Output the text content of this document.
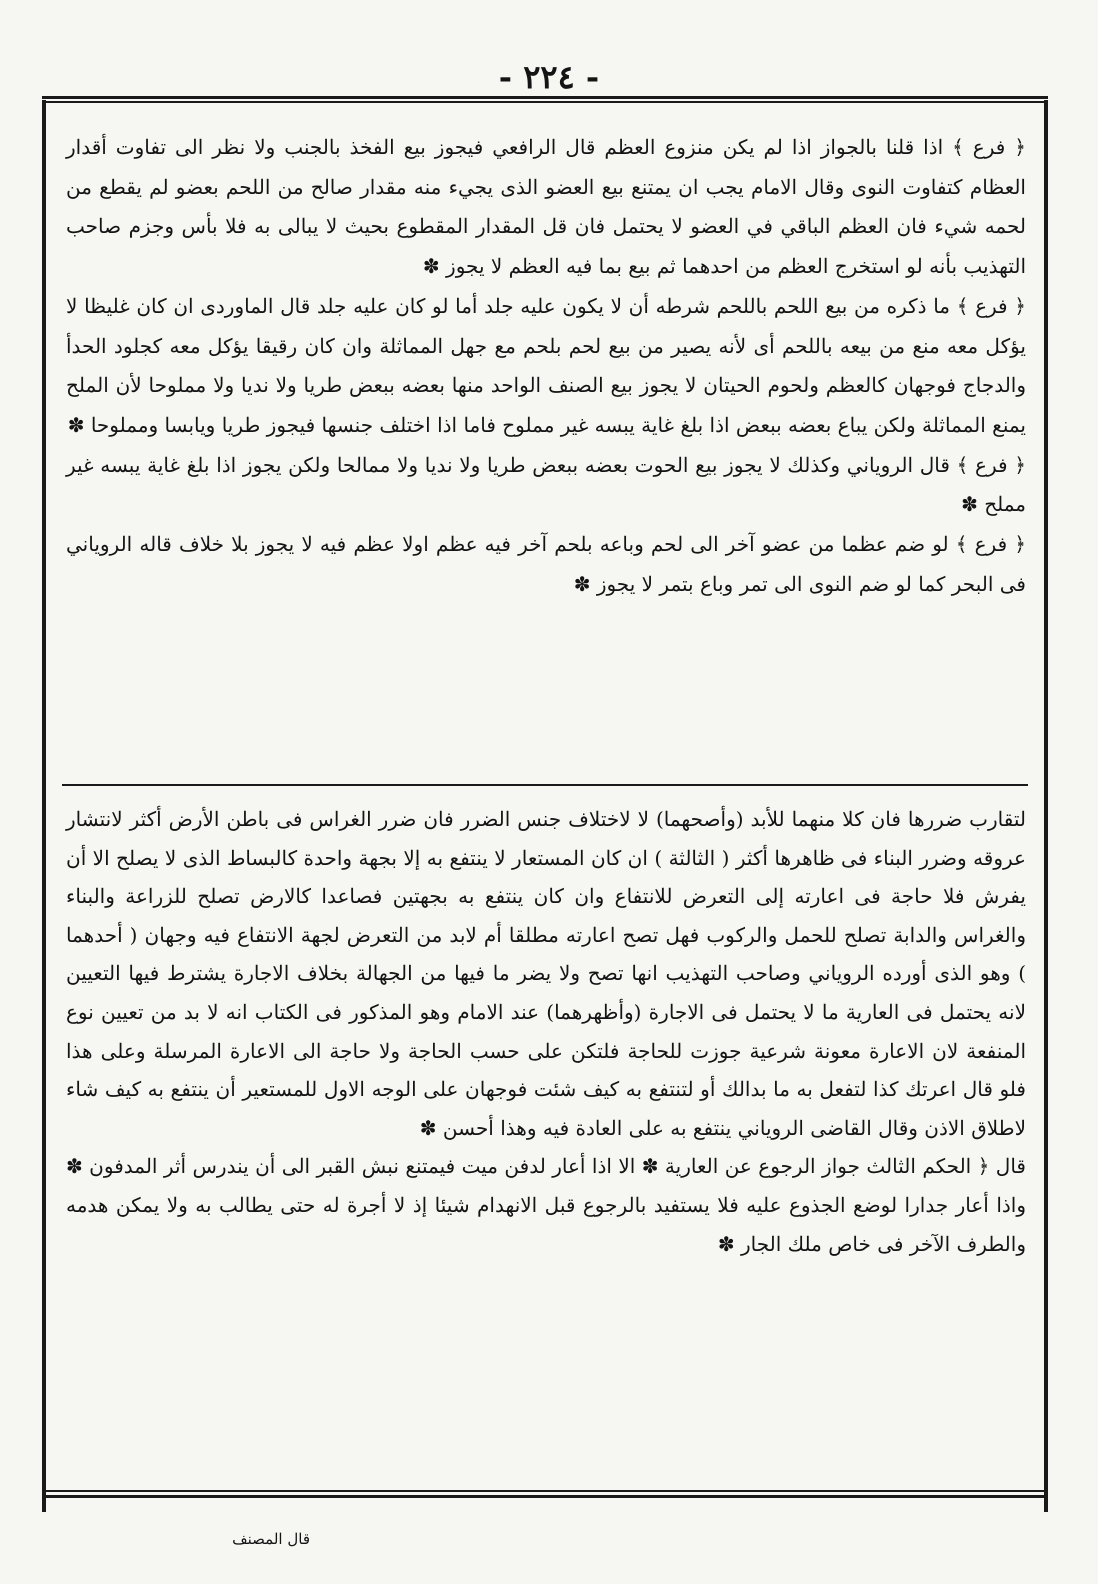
- ٢٢٤ -

﴿ فرع ﴾ اذا قلنا بالجواز اذا لم يكن منزوع العظم قال الرافعي فيجوز بيع الفخذ بالجنب ولا نظر الى تفاوت أقدار العظام كتفاوت النوى وقال الامام يجب ان يمتنع بيع العضو الذى يجيء منه مقدار صالح من اللحم بعضو لم يقطع من لحمه شيء فان العظم الباقي في العضو لا يحتمل فان قل المقدار المقطوع بحيث لا يبالى به فلا بأس وجزم صاحب التهذيب بأنه لو استخرج العظم من احدهما ثم بيع بما فيه العظم لا يجوز ✽

﴿ فرع ﴾ ما ذكره من بيع اللحم باللحم شرطه أن لا يكون عليه جلد أما لو كان عليه جلد قال الماوردى ان كان غليظا لا يؤكل معه منع من بيعه باللحم أى لأنه يصير من بيع لحم بلحم مع جهل المماثلة وان كان رقيقا يؤكل معه كجلود الحدأ والدجاج فوجهان كالعظم ولحوم الحيتان لا يجوز بيع الصنف الواحد منها بعضه ببعض طريا ولا نديا ولا مملوحا لأن الملح يمنع المماثلة ولكن يباع بعضه ببعض اذا بلغ غاية يبسه غير مملوح فاما اذا اختلف جنسها فيجوز طريا ويابسا ومملوحا ✽

﴿ فرع ﴾ قال الروياني وكذلك لا يجوز بيع الحوت بعضه ببعض طريا ولا نديا ولا ممالحا ولكن يجوز اذا بلغ غاية يبسه غير مملح ✽

﴿ فرع ﴾ لو ضم عظما من عضو آخر الى لحم وباعه بلحم آخر فيه عظم اولا عظم فيه لا يجوز بلا خلاف قاله الروياني فى البحر كما لو ضم النوى الى تمر وباع بتمر لا يجوز ✽

لتقارب ضررها فان كلا منهما للأبد (وأصحهما) لا لاختلاف جنس الضرر فان ضرر الغراس فى باطن الأرض أكثر لانتشار عروقه وضرر البناء فى ظاهرها أكثر ( الثالثة ) ان كان المستعار لا ينتفع به إلا بجهة واحدة كالبساط الذى لا يصلح الا أن يفرش فلا حاجة فى اعارته إلى التعرض للانتفاع وان كان ينتفع به بجهتين فصاعدا كالارض تصلح للزراعة والبناء والغراس والدابة تصلح للحمل والركوب فهل تصح اعارته مطلقا أم لابد من التعرض لجهة الانتفاع فيه وجهان ( أحدهما ) وهو الذى أورده الروياني وصاحب التهذيب انها تصح ولا يضر ما فيها من الجهالة بخلاف الاجارة يشترط فيها التعيين لانه يحتمل فى العارية ما لا يحتمل فى الاجارة (وأظهرهما) عند الامام وهو المذكور فى الكتاب انه لا بد من تعيين نوع المنفعة لان الاعارة معونة شرعية جوزت للحاجة فلتكن على حسب الحاجة ولا حاجة الى الاعارة المرسلة وعلى هذا فلو قال اعرتك كذا لتفعل به ما بدالك أو لتنتفع به كيف شئت فوجهان على الوجه الاول للمستعير أن ينتفع به كيف شاء لاطلاق الاذن وقال القاضى الروياني ينتفع به على العادة فيه وهذا أحسن ✽

قال ﴿ الحكم الثالث جواز الرجوع عن العارية ✽ الا اذا أعار لدفن ميت فيمتنع نبش القبر الى أن يندرس أثر المدفون ✽ واذا أعار جدارا لوضع الجذوع عليه فلا يستفيد بالرجوع قبل الانهدام شيئا إذ لا أجرة له حتى يطالب به ولا يمكن هدمه والطرف الآخر فى خاص ملك الجار ✽

قال المصنف
